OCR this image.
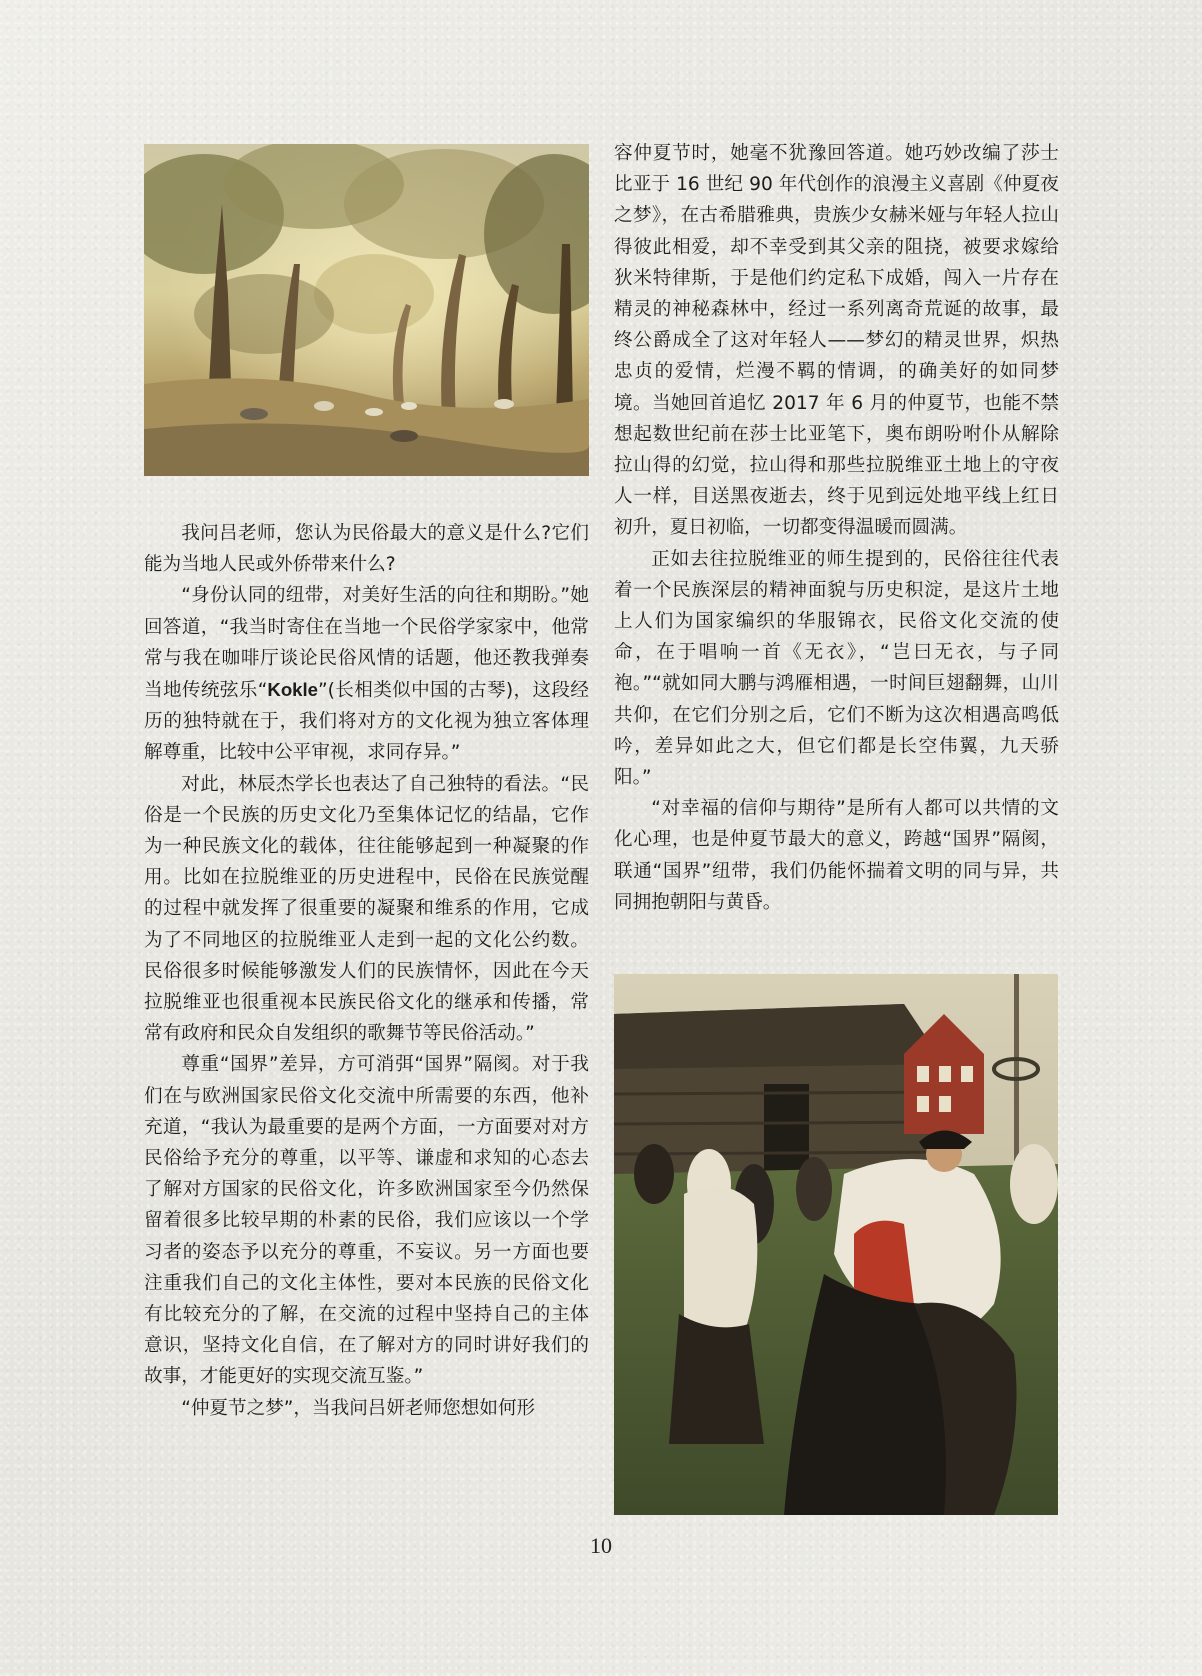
我问吕老师，您认为民俗最大的意义是什么?它们能为当地人民或外侨带来什么?

“身份认同的纽带，对美好生活的向往和期盼。”她回答道，“我当时寄住在当地一个民俗学家家中，他常常与我在咖啡厅谈论民俗风情的话题，他还教我弹奏当地传统弦乐“Kokle”(长相类似中国的古琴)，这段经历的独特就在于，我们将对方的文化视为独立客体理解尊重，比较中公平审视，求同存异。”

对此，林辰杰学长也表达了自己独特的看法。“民俗是一个民族的历史文化乃至集体记忆的结晶，它作为一种民族文化的载体，往往能够起到一种凝聚的作用。比如在拉脱维亚的历史进程中，民俗在民族觉醒的过程中就发挥了很重要的凝聚和维系的作用，它成为了不同地区的拉脱维亚人走到一起的文化公约数。民俗很多时候能够激发人们的民族情怀，因此在今天拉脱维亚也很重视本民族民俗文化的继承和传播，常常有政府和民众自发组织的歌舞节等民俗活动。”

尊重“国界”差异，方可消弭“国界”隔阂。对于我们在与欧洲国家民俗文化交流中所需要的东西，他补充道，“我认为最重要的是两个方面，一方面要对对方民俗给予充分的尊重，以平等、谦虚和求知的心态去了解对方国家的民俗文化，许多欧洲国家至今仍然保留着很多比较早期的朴素的民俗，我们应该以一个学习者的姿态予以充分的尊重，不妄议。另一方面也要注重我们自己的文化主体性，要对本民族的民俗文化有比较充分的了解，在交流的过程中坚持自己的主体意识，坚持文化自信，在了解对方的同时讲好我们的故事，才能更好的实现交流互鉴。”

“仲夏节之梦”，当我问吕妍老师您想如何形

容仲夏节时，她毫不犹豫回答道。她巧妙改编了莎士比亚于 16 世纪 90 年代创作的浪漫主义喜剧《仲夏夜之梦》，在古希腊雅典，贵族少女赫米娅与年轻人拉山得彼此相爱，却不幸受到其父亲的阻挠，被要求嫁给狄米特律斯，于是他们约定私下成婚，闯入一片存在精灵的神秘森林中，经过一系列离奇荒诞的故事，最终公爵成全了这对年轻人——梦幻的精灵世界，炽热忠贞的爱情，烂漫不羁的情调，的确美好的如同梦境。当她回首追忆 2017 年 6 月的仲夏节，也能不禁想起数世纪前在莎士比亚笔下，奥布朗吩咐仆从解除拉山得的幻觉，拉山得和那些拉脱维亚土地上的守夜人一样，目送黑夜逝去，终于见到远处地平线上红日初升，夏日初临，一切都变得温暖而圆满。

正如去往拉脱维亚的师生提到的，民俗往往代表着一个民族深层的精神面貌与历史积淀，是这片土地上人们为国家编织的华服锦衣，民俗文化交流的使命，在于唱响一首《无衣》，“岂曰无衣，与子同袍。”“就如同大鹏与鸿雁相遇，一时间巨翅翻舞，山川共仰，在它们分别之后，它们不断为这次相遇高鸣低吟，差异如此之大，但它们都是长空伟翼，九天骄阳。”

“对幸福的信仰与期待”是所有人都可以共情的文化心理，也是仲夏节最大的意义，跨越“国界”隔阂，联通“国界”纽带，我们仍能怀揣着文明的同与异，共同拥抱朝阳与黄昏。

10
